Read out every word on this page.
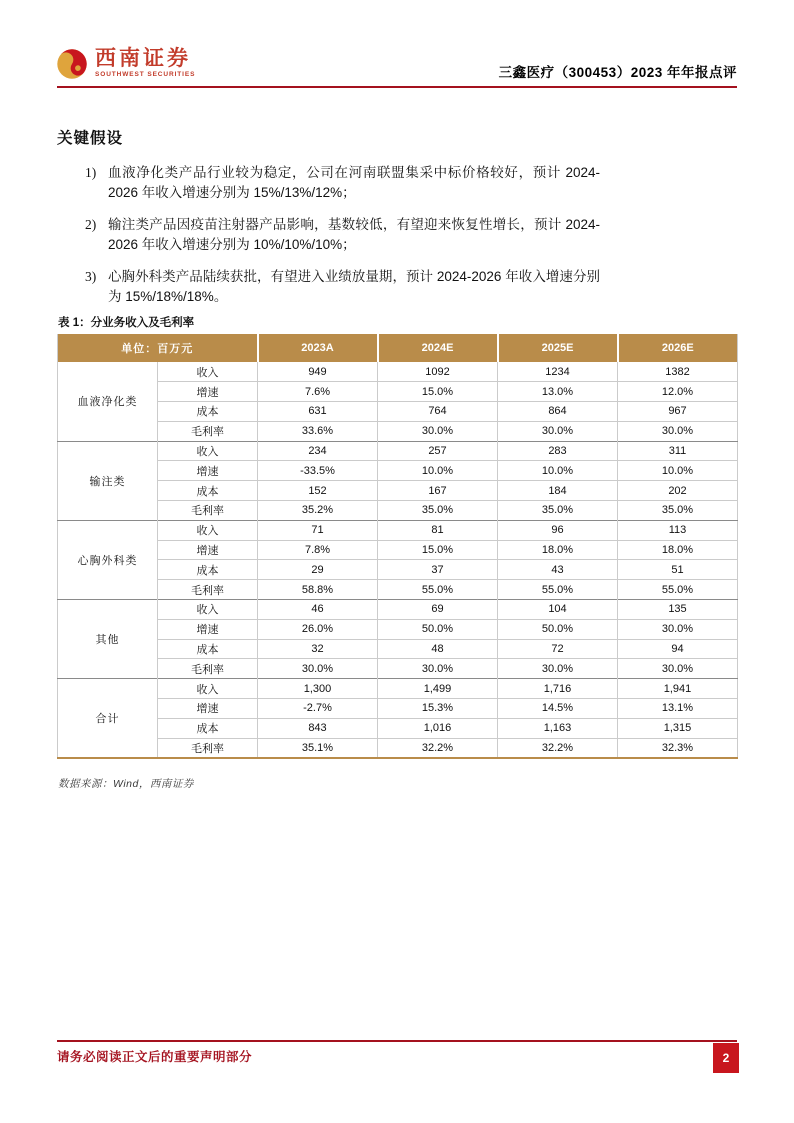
西南证券
SOUTHWEST SECURITIES	三鑫医疗（300453）2023 年年报点评
关键假设
1) 血液净化类产品行业较为稳定，公司在河南联盟集采中标价格较好，预计 2024-2026 年收入增速分别为 15%/13%/12%；
2) 输注类产品因疫苗注射器产品影响，基数较低，有望迎来恢复性增长，预计 2024-2026 年收入增速分别为 10%/10%/10%；
3) 心胸外科类产品陆续获批，有望进入业绩放量期，预计 2024-2026 年收入增速分别为 15%/18%/18%。
表 1：分业务收入及毛利率
单位：百万元		2023A	2024E	2025E	2026E
血液净化类	收入	949	1092	1234	1382
	增速	7.6%	15.0%	13.0%	12.0%
	成本	631	764	864	967
	毛利率	33.6%	30.0%	30.0%	30.0%
输注类	收入	234	257	283	311
	增速	-33.5%	10.0%	10.0%	10.0%
	成本	152	167	184	202
	毛利率	35.2%	35.0%	35.0%	35.0%
心胸外科类	收入	71	81	96	113
	增速	7.8%	15.0%	18.0%	18.0%
	成本	29	37	43	51
	毛利率	58.8%	55.0%	55.0%	55.0%
其他	收入	46	69	104	135
	增速	26.0%	50.0%	50.0%	30.0%
	成本	32	48	72	94
	毛利率	30.0%	30.0%	30.0%	30.0%
合计	收入	1,300	1,499	1,716	1,941
	增速	-2.7%	15.3%	14.5%	13.1%
	成本	843	1,016	1,163	1,315
	毛利率	35.1%	32.2%	32.2%	32.3%
数据来源：Wind，西南证券
请务必阅读正文后的重要声明部分	2
